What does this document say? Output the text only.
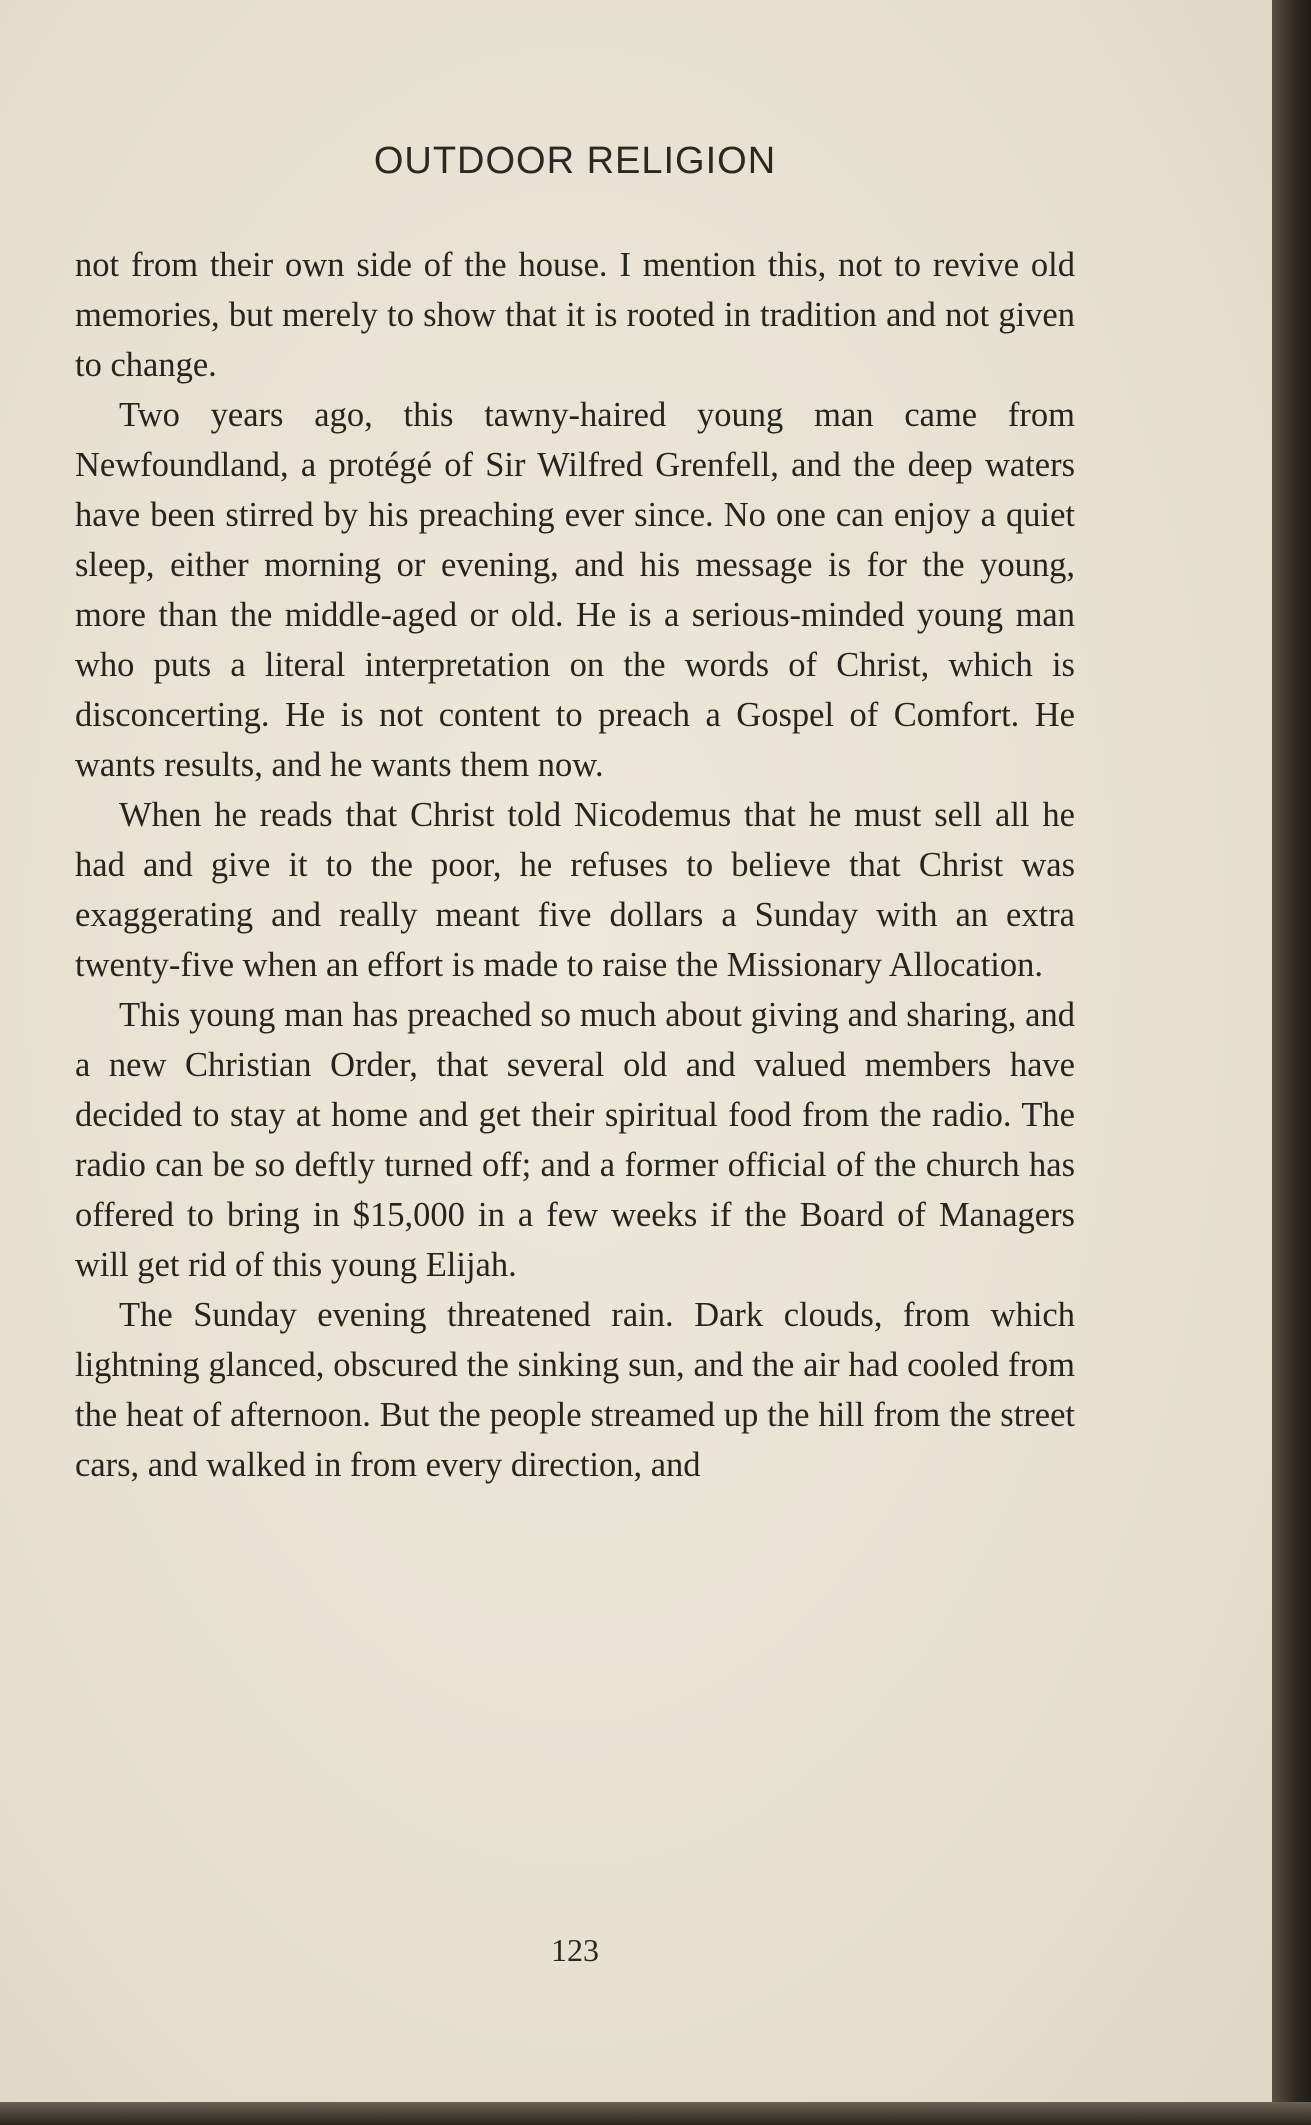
OUTDOOR RELIGION

not from their own side of the house. I mention this, not to revive old memories, but merely to show that it is rooted in tradition and not given to change.

Two years ago, this tawny-haired young man came from Newfoundland, a protégé of Sir Wilfred Grenfell, and the deep waters have been stirred by his preaching ever since. No one can enjoy a quiet sleep, either morning or evening, and his message is for the young, more than the middle-aged or old. He is a serious-minded young man who puts a literal interpretation on the words of Christ, which is disconcerting. He is not content to preach a Gospel of Comfort. He wants results, and he wants them now.

When he reads that Christ told Nicodemus that he must sell all he had and give it to the poor, he refuses to believe that Christ was exaggerating and really meant five dollars a Sunday with an extra twenty-five when an effort is made to raise the Missionary Allocation.

This young man has preached so much about giving and sharing, and a new Christian Order, that several old and valued members have decided to stay at home and get their spiritual food from the radio. The radio can be so deftly turned off; and a former official of the church has offered to bring in $15,000 in a few weeks if the Board of Managers will get rid of this young Elijah.

The Sunday evening threatened rain. Dark clouds, from which lightning glanced, obscured the sinking sun, and the air had cooled from the heat of afternoon. But the people streamed up the hill from the street cars, and walked in from every direction, and

123
